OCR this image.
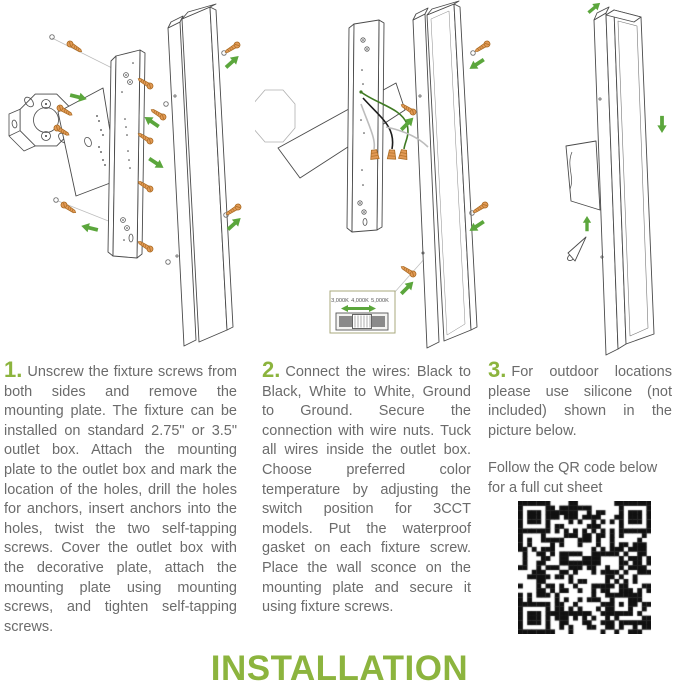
3,000K 4,000K 5,000K

1. Unscrew the fixture screws from both sides and remove the mounting plate. The fixture can be installed on standard 2.75" or 3.5" outlet box. Attach the mounting plate to the outlet box and mark the location of the holes, drill the holes for anchors, insert anchors into the holes, twist the two self-tapping screws. Cover the outlet box with the decorative plate, attach the mounting plate using mounting screws, and tighten self-tapping screws.

2. Connect the wires: Black to Black, White to White, Ground to Ground. Secure the connection with wire nuts. Tuck all wires inside the outlet box. Choose preferred color temperature by adjusting the switch position for 3CCT models. Put the waterproof gasket on each fixture screw. Place the wall sconce on the mounting plate and secure it using fixture screws.

3. For outdoor locations please use silicone (not included) shown in the picture below.

Follow the QR code below for a full cut sheet

INSTALLATION
